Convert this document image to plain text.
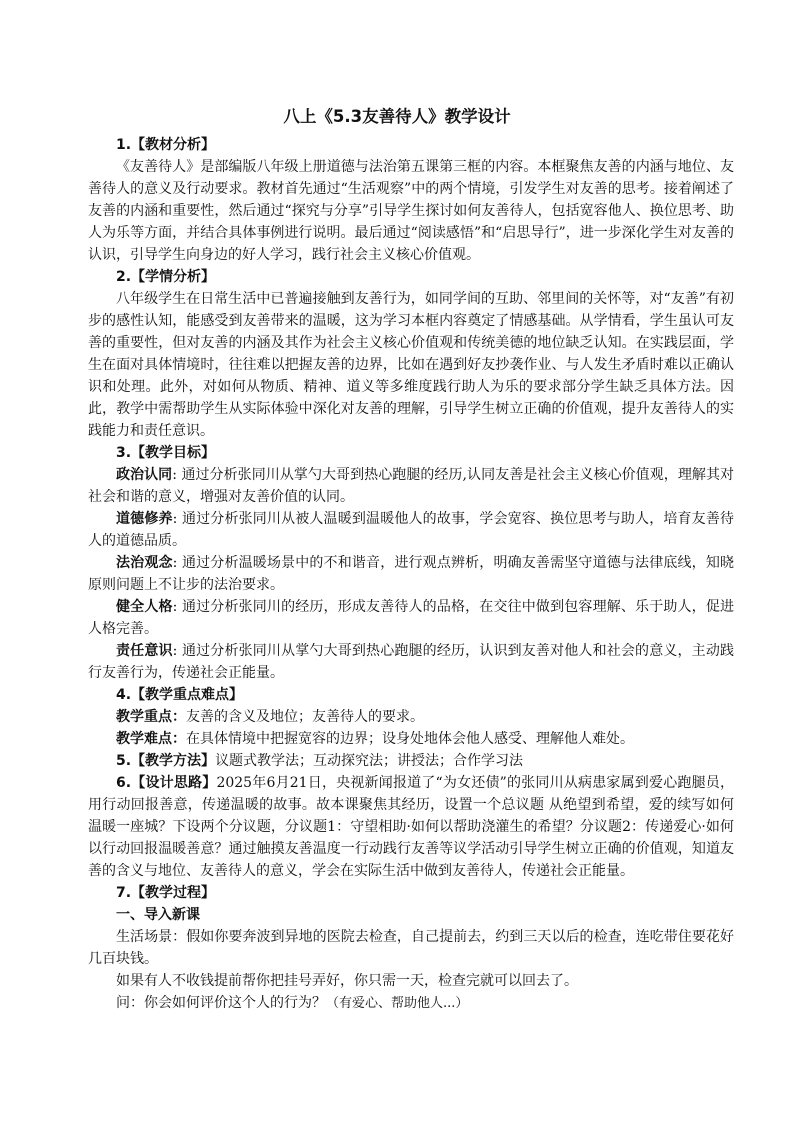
八上《5.3友善待人》教学设计

1.【教材分析】

《友善待人》是部编版八年级上册道德与法治第五课第三框的内容。本框聚焦友善的内涵与地位、友善待人的意义及行动要求。教材首先通过“生活观察”中的两个情境，引发学生对友善的思考。接着阐述了友善的内涵和重要性，然后通过“探究与分享”引导学生探讨如何友善待人，包括宽容他人、换位思考、助人为乐等方面，并结合具体事例进行说明。最后通过“阅读感悟”和“启思导行”，进一步深化学生对友善的认识，引导学生向身边的好人学习，践行社会主义核心价值观。

2.【学情分析】

八年级学生在日常生活中已普遍接触到友善行为，如同学间的互助、邻里间的关怀等，对“友善”有初步的感性认知，能感受到友善带来的温暖，这为学习本框内容奠定了情感基础。从学情看，学生虽认可友善的重要性，但对友善的内涵及其作为社会主义核心价值观和传统美德的地位缺乏认知。在实践层面，学生在面对具体情境时，往往难以把握友善的边界，比如在遇到好友抄袭作业、与人发生矛盾时难以正确认识和处理。此外，对如何从物质、精神、道义等多维度践行助人为乐的要求部分学生缺乏具体方法。因此，教学中需帮助学生从实际体验中深化对友善的理解，引导学生树立正确的价值观，提升友善待人的实践能力和责任意识。

3.【教学目标】

政治认同: 通过分析张同川从掌勺大哥到热心跑腿的经历,认同友善是社会主义核心价值观，理解其对社会和谐的意义，增强对友善价值的认同。

道德修养: 通过分析张同川从被人温暖到温暖他人的故事，学会宽容、换位思考与助人，培育友善待人的道德品质。

法治观念: 通过分析温暖场景中的不和谐音，进行观点辨析，明确友善需坚守道德与法律底线，知晓原则问题上不让步的法治要求。

健全人格: 通过分析张同川的经历，形成友善待人的品格，在交往中做到包容理解、乐于助人，促进人格完善。

责任意识: 通过分析张同川从掌勺大哥到热心跑腿的经历，认识到友善对他人和社会的意义，主动践行友善行为，传递社会正能量。

4.【教学重点难点】

教学重点：友善的含义及地位；友善待人的要求。

教学难点：在具体情境中把握宽容的边界；设身处地体会他人感受、理解他人难处。

5.【教学方法】议题式教学法；互动探究法；讲授法；合作学习法

6.【设计思路】2025年6月21日，央视新闻报道了“为女还债”的张同川从病患家属到爱心跑腿员，用行动回报善意，传递温暖的故事。故本课聚焦其经历，设置一个总议题 从绝望到希望，爱的续写如何温暖一座城？下设两个分议题，分议题1：守望相助·如何以帮助浇灌生的希望？分议题2：传递爱心·如何以行动回报温暖善意？通过触摸友善温度一行动践行友善等议学活动引导学生树立正确的价值观，知道友善的含义与地位、友善待人的意义，学会在实际生活中做到友善待人，传递社会正能量。

7.【教学过程】

一、导入新课

生活场景：假如你要奔波到异地的医院去检查，自己提前去，约到三天以后的检查，连吃带住要花好几百块钱。

如果有人不收钱提前帮你把挂号弄好，你只需一天，检查完就可以回去了。

问：你会如何评价这个人的行为？（有爱心、帮助他人...）
